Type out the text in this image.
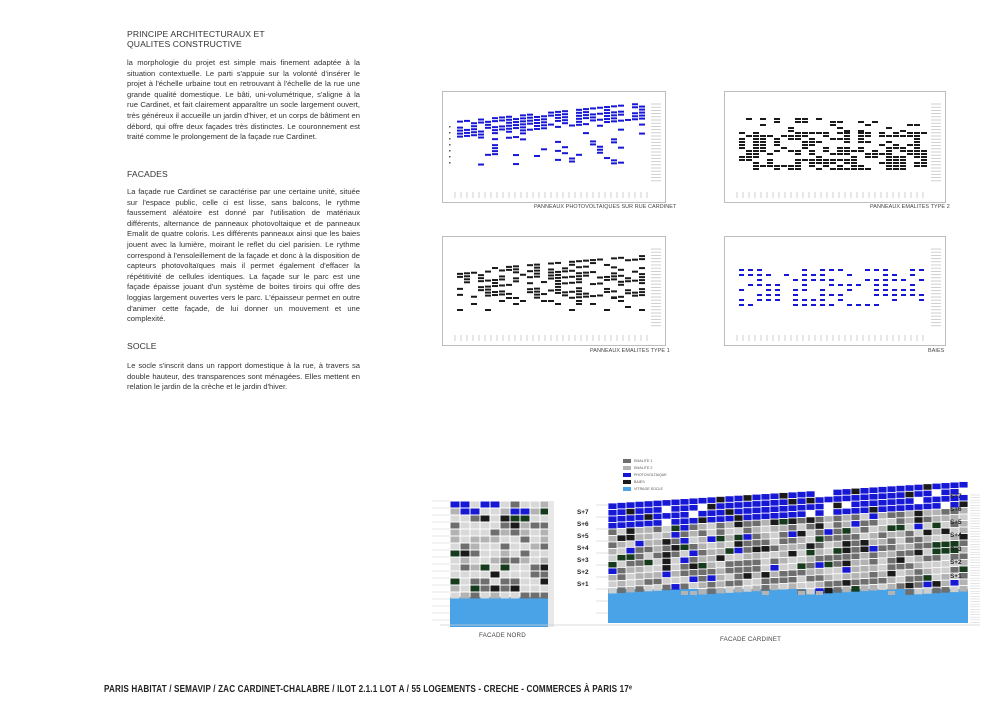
PRINCIPE ARCHITECTURAUX ET
QUALITES CONSTRUCTIVE
la morphologie du projet est simple mais finement adaptée à la situation contextuelle. Le parti s'appuie sur la volonté d'insérer le projet à l'échelle urbaine tout en retrouvant à l'échelle de la rue une grande qualité domestique. Le bâti, uni-volumétrique, s'aligne à la rue Cardinet, et fait clairement apparaître un socle largement ouvert, très généreux il accueille un jardin d'hiver, et un corps de bâtiment en débord, qui offre deux façades très distinctes. Le couronnement est traité comme le prolongement de la façade rue Cardinet.
FACADES
La façade rue Cardinet se caractérise par une certaine unité, située sur l'espace public, celle ci est lisse, sans balcons, le rythme faussement aléatoire est donné par l'utilisation de matériaux différents, alternance de panneaux photovoltaique et de panneaux Emalit de quatre coloris. Les différents panneaux ainsi que les baies jouent avec la lumière, moirant le reflet du ciel parisien. Le rythme correspond à l'ensoleillement de la façade et donc à la disposition de capteurs photovoltaïques mais il permet également d'effacer la répétitivité de cellules identiques. La façade sur le parc est une façade épaisse jouant d'un système de boites tiroirs qui offre des loggias largement ouvertes vers le parc. L'épaisseur permet en outre d'animer cette façade, de lui donner un mouvement et une complexité.
SOCLE
Le socle s'inscrit dans un rapport domestique à la rue, à travers sa double hauteur, des transparences sont ménagées. Elles mettent en relation le jardin de la crèche et le jardin d'hiver.
PANNEAUX PHOTOVOLTAIQUES SUR RUE CARDINET	PANNEAUX EMALITES TYPE 2
PANNEAUX EMALITES TYPE 1	BAIES
EMALITE 1
EMALITE 2
PHOTOVOLTAIQUE
BAIES
VITRAGE SOCLE
S+7
S+6
S+5
S+4
S+3
S+2
S+1
S+7
S+6
S+5
S+4
S+3
S+2
S+1
FACADE NORD
FACADE CARDINET
PARIS HABITAT / SEMAVIP / ZAC CARDINET-CHALABRE / ILOT 2.1.1 LOT A / 55 LOGEMENTS - CRECHE - COMMERCES À PARIS 17ᵉ
